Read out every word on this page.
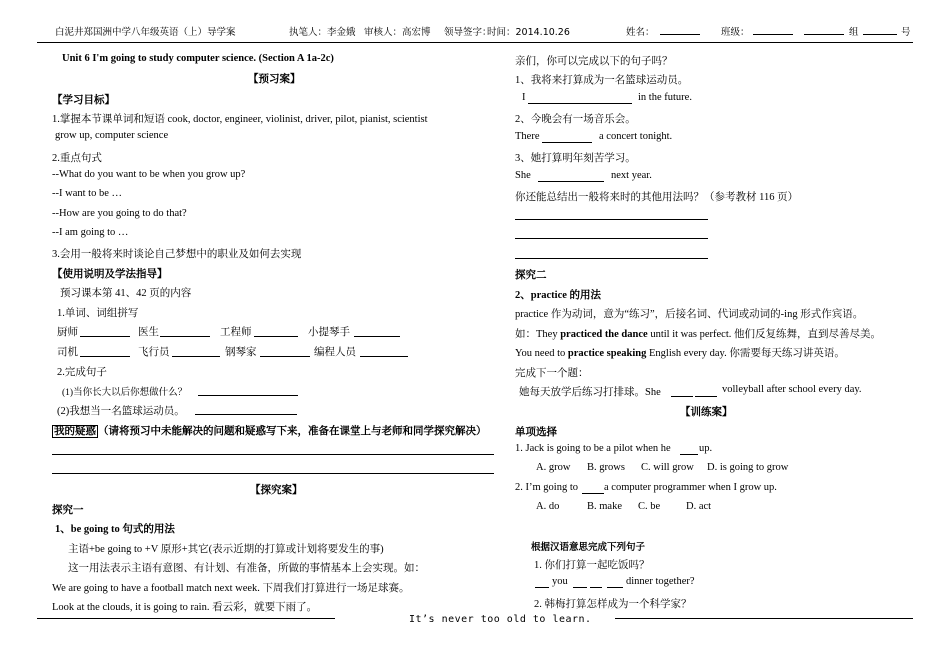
白泥井郑国洲中学八年级英语（上）导学案	执笔人：李金娥 审核人：高宏博 领导签字：
时间：2014.10.26	姓名：	班级：	组	号
Unit 6 I'm going to study computer science. (Section A 1a-2c)
【预习案】
【学习目标】
1.掌握本节课单词和短语 cook, doctor, engineer, violinist, driver, pilot, pianist, scientist
grow up, computer science
2.重点句式
--What do you want to be when you grow up?
--I want to be …
--How are you going to do that?
--I am going to …
3.会用一般将来时谈论自己梦想中的职业及如何去实现
【使用说明及学法指导】
预习课本第 41、42 页的内容
1.单词、词组拼写
厨师	医生	工程师	小提琴手
司机	飞行员	钢琴家	编程人员
2.完成句子
(1)当你长大以后你想做什么？
(2)我想当一名篮球运动员。
我的疑惑 （请将预习中未能解决的问题和疑惑写下来，准备在课堂上与老师和同学探究解决）
【探究案】
探究一
1、be going to 句式的用法
主语+be going to +V 原形+其它(表示近期的打算或计划将要发生的事)
这一用法表示主语有意图、有计划、有准备，所做的事情基本上会实现。如：
We are going to have a football match next week. 下周我们打算进行一场足球赛。
Look at the clouds, it is going to rain. 看云彩，就要下雨了。
亲们，你可以完成以下的句子吗？
1、我将来打算成为一名篮球运动员。
I	in the future.
2、今晚会有一场音乐会。
There	a concert tonight.
3、她打算明年刻苦学习。
She	next year.
你还能总结出一般将来时的其他用法吗？（参考教材 116 页）
探究二
2、practice 的用法
practice 作为动词，意为“练习”，后接名词、代词或动词的-ing 形式作宾语。
如：They practiced the dance until it was perfect. 他们反复练舞，直到尽善尽美。
You need to practice speaking English every day. 你需要每天练习讲英语。
完成下一个题：
她每天放学后练习打排球。She	volleyball after school every day.
【训练案】
单项选择
1. Jack is going to be a pilot when he	up.
A. grow B. grows C. will grow D. is going to grow
2. I’m going to a computer programmer when I grow up.
A. do	B. make C. be D. act
根据汉语意思完成下列句子
1. 你们打算一起吃饭吗？
you	dinner together?
2. 韩梅打算怎样成为一个科学家？
It’s never too old to learn.
